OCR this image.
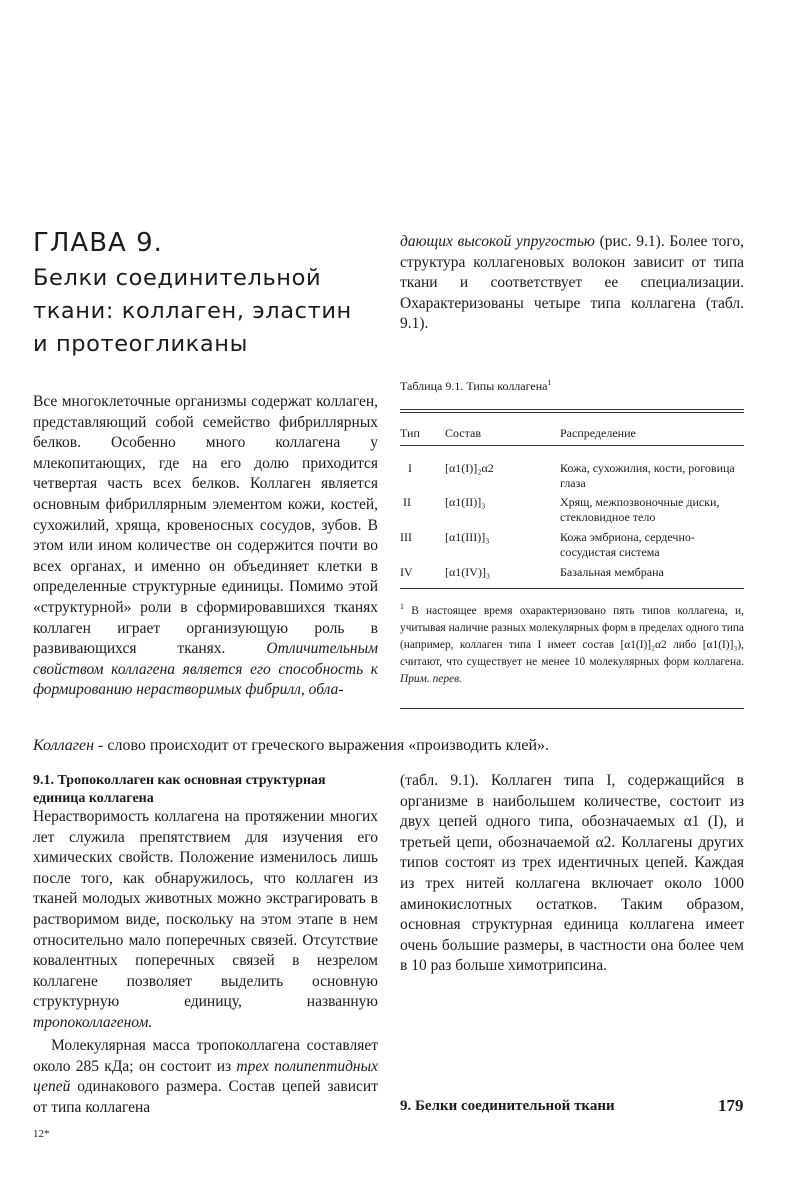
ГЛАВА 9.
Белки соединительной
ткани: коллаген, эластин
и протеогликаны
дающих высокой упругостью (рис. 9.1). Более того, структура коллагеновых волокон зависит от типа ткани и соответствует ее специализации. Охарактеризованы четыре типа коллагена (табл. 9.1).
Все многоклеточные организмы содержат коллаген, представляющий собой семейство фибриллярных белков. Особенно много коллагена у млекопитающих, где на его долю приходится четвертая часть всех белков. Коллаген является основным фибриллярным элементом кожи, костей, сухожилий, хряща, кровеносных сосудов, зубов. В этом или ином количестве он содержится почти во всех органах, и именно он объединяет клетки в определенные структурные единицы. Помимо этой «структурной» роли в сформировавшихся тканях коллаген играет организующую роль в развивающихся тканях. Отличительным свойством коллагена является его способность к формированию нерастворимых фибрилл, обла-
Таблица 9.1. Типы коллагена$^1$
Тип Состав	Распределение
I	[α1(I)]₂α2	Кожа, сухожилия, кости, роговица глаза
II	[α1(II)]₃	Хрящ, межпозвоночные диски, стекловидное тело
III	[α1(III)]₃	Кожа эмбриона, сердечно-сосудистая система
IV	[α1(IV)]₃	Базальная мембрана
$^1$ В настоящее время охарактеризовано пять типов коллагена, и, учитывая наличие разных молекулярных форм в пределах одного типа (например, коллаген типа I имеет состав [α1(I)]₂α2 либо [α1(I)]₃), считают, что существует не менее 10 молекулярных форм коллагена. Прим. перев.
Коллаген - слово происходит от греческого выражения «производить клей».
9.1. Тропоколлаген как основная структурная единица коллагена
Нерастворимость коллагена на протяжении многих лет служила препятствием для изучения его химических свойств. Положение изменилось лишь после того, как обнаружилось, что коллаген из тканей молодых животных можно экстрагировать в растворимом виде, поскольку на этом этапе в нем относительно мало поперечных связей. Отсутствие ковалентных поперечных связей в незрелом коллагене позволяет выделить основную структурную единицу, названную тропоколлагеном.
Молекулярная масса тропоколлагена составляет около 285 кДа; он состоит из трех полипептидных цепей одинакового размера. Состав цепей зависит от типа коллагена
(табл. 9.1). Коллаген типа I, содержащийся в организме в наибольшем количестве, состоит из двух цепей одного типа, обозначаемых α1 (I), и третьей цепи, обозначаемой α2. Коллагены других типов состоят из трех идентичных цепей. Каждая из трех нитей коллагена включает около 1000 аминокислотных остатков. Таким образом, основная структурная единица коллагена имеет очень большие размеры, в частности она более чем в 10 раз больше химотрипсина.
9. Белки соединительной ткани	179
12*
